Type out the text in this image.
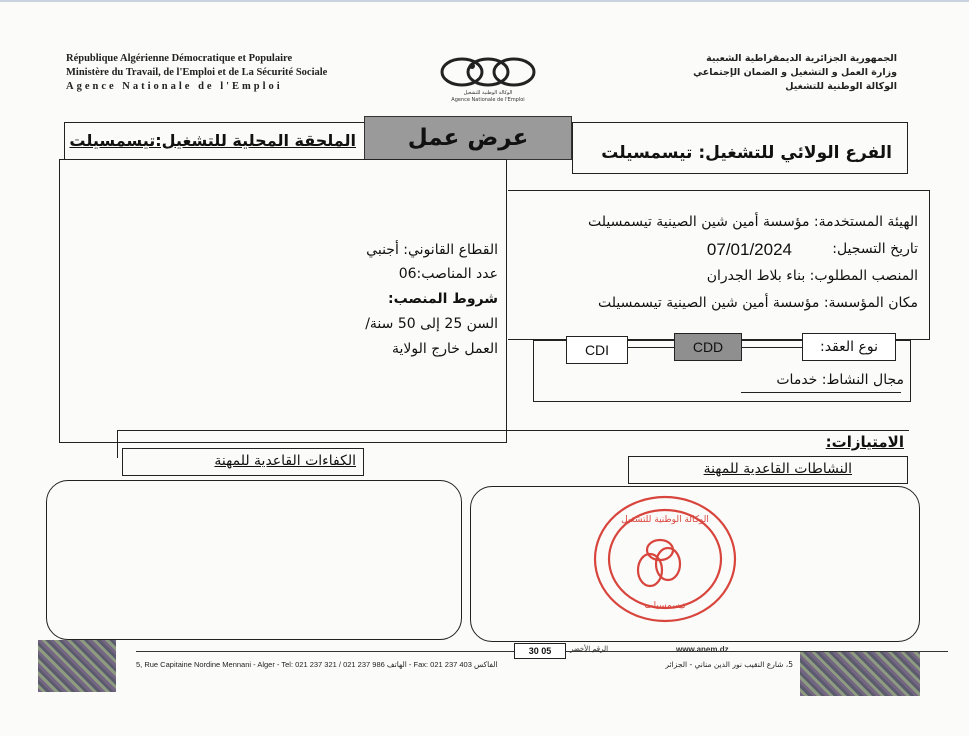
République Algérienne Démocratique et Populaire
Ministère du Travail, de l'Emploi et de La Sécurité Sociale
Agence Nationale de l'Emploi
الوكالة الوطنية للتشغيل
Agence Nationale de l'Emploi
الجمهورية الجزائرية الديمقراطية الشعبية
وزارة العمل و التشغيل و الضمان الإجتماعي
الوكالة الوطنية للتشغيل
الملحقة المحلية للتشغيل:تيسمسيلت	عرض عمل
الفرع الولائي للتشغيل: تيسمسيلت
القطاع القانوني: أجنبي
عدد المناصب:06
شروط المنصب:
السن 25 إلى 50 سنة/
العمل خارج الولاية
الهيئة المستخدمة: مؤسسة أمين شين الصينية تيسمسيلت
تاريخ التسجيل:
07/01/2024
المنصب المطلوب: بناء بلاط الجدران
مكان المؤسسة: مؤسسة أمين شين الصينية تيسمسيلت
CDI	CDD	نوع العقد:
مجال النشاط: خدمات
الامتيازات:
الكفاءات القاعدية للمهنة	النشاطات القاعدية للمهنة
الوكالة الوطنية للتشغيل
تيسمسيلت
30 05	الرقم الأخضر	www.anem.dz
5, Rue Capitaine Nordine Mennani - Alger - Tel: 021 237 321 / 021 237 986 الهاتف - Fax: 021 237 403 الفاكس	5، شارع النقيب نور الدين مناني - الجزائر
